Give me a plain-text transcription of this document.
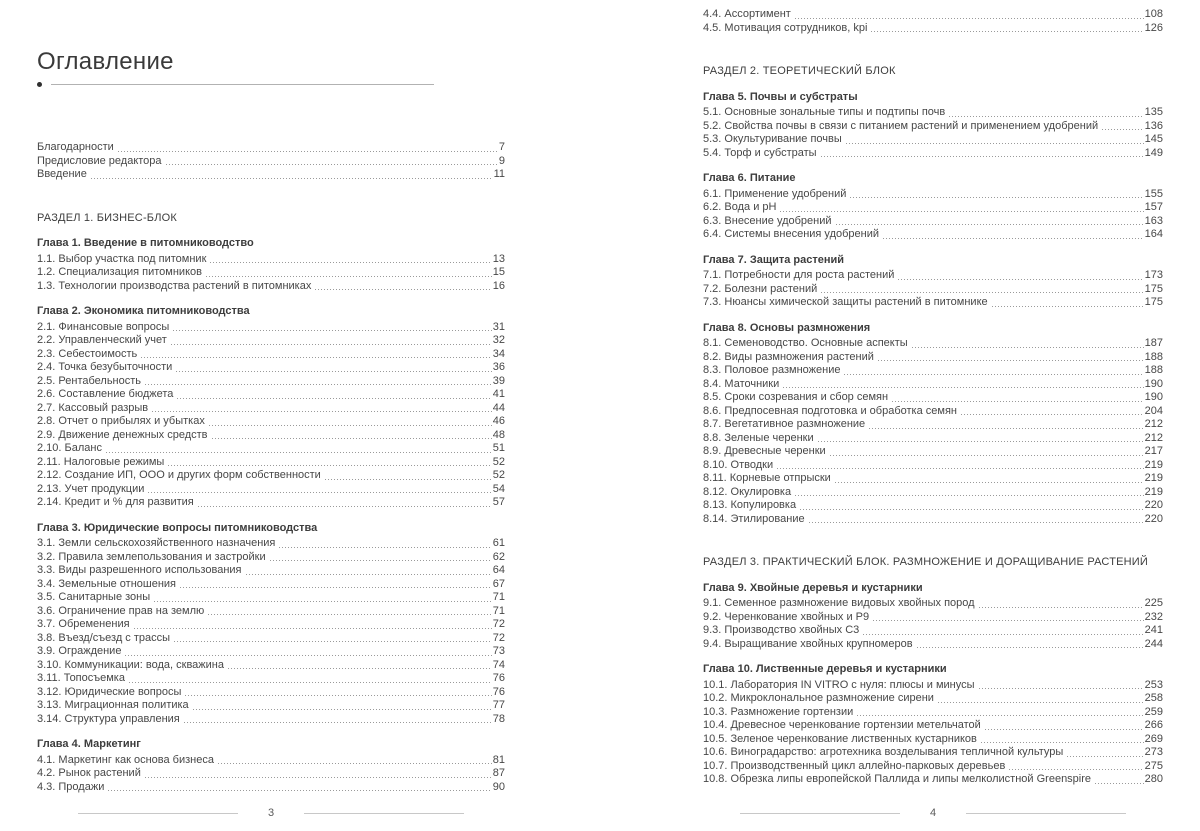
Оглавление
Благодарности	7
Предисловие редактора	9
Введение	11
РАЗДЕЛ 1. БИЗНЕС-БЛОК
Глава 1. Введение в питомниководство
1.1. Выбор участка под питомник	13
1.2. Специализация питомников	15
1.3. Технологии производства растений в питомниках	16
Глава 2. Экономика питомниководства
2.1. Финансовые вопросы	31
2.2. Управленческий учет	32
2.3. Себестоимость	34
2.4. Точка безубыточности	36
2.5. Рентабельность	39
2.6. Составление бюджета	41
2.7. Кассовый разрыв	44
2.8. Отчет о прибылях и убытках	46
2.9. Движение денежных средств	48
2.10. Баланс	51
2.11. Налоговые режимы	52
2.12. Создание ИП, ООО и других форм собственности	52
2.13. Учет продукции	54
2.14. Кредит и % для развития	57
Глава 3. Юридические вопросы питомниководства
3.1. Земли сельскохозяйственного назначения	61
3.2. Правила землепользования и застройки	62
3.3. Виды разрешенного использования	64
3.4. Земельные отношения	67
3.5. Санитарные зоны	71
3.6. Ограничение прав на землю	71
3.7. Обременения	72
3.8. Въезд/съезд с трассы	72
3.9. Ограждение	73
3.10. Коммуникации: вода, скважина	74
3.11. Топосъемка	76
3.12. Юридические вопросы	76
3.13. Миграционная политика	77
3.14. Структура управления	78
Глава 4. Маркетинг
4.1. Маркетинг как основа бизнеса	81
4.2. Рынок растений	87
4.3. Продажи	90
3
4.4. Ассортимент	108
4.5. Мотивация сотрудников, kpi	126
РАЗДЕЛ 2. ТЕОРЕТИЧЕСКИЙ БЛОК
Глава 5. Почвы и субстраты
5.1. Основные зональные типы и подтипы почв	135
5.2. Свойства почвы в связи с питанием растений и применением удобрений	136
5.3. Окультуривание почвы	145
5.4. Торф и субстраты	149
Глава 6. Питание
6.1. Применение удобрений	155
6.2. Вода и pH	157
6.3. Внесение удобрений	163
6.4. Системы внесения удобрений	164
Глава 7. Защита растений
7.1. Потребности для роста растений	173
7.2. Болезни растений	175
7.3. Нюансы химической защиты растений в питомнике	175
Глава 8. Основы размножения
8.1. Семеноводство. Основные аспекты	187
8.2. Виды размножения растений	188
8.3. Половое размножение	188
8.4. Маточники	190
8.5. Сроки созревания и сбор семян	190
8.6. Предпосевная подготовка и обработка семян	204
8.7. Вегетативное размножение	212
8.8. Зеленые черенки	212
8.9. Древесные черенки	217
8.10. Отводки	219
8.11. Корневые отпрыски	219
8.12. Окулировка	219
8.13. Копулировка	220
8.14. Этилирование	220
РАЗДЕЛ 3. ПРАКТИЧЕСКИЙ БЛОК. РАЗМНОЖЕНИЕ И ДОРАЩИВАНИЕ РАСТЕНИЙ
Глава 9. Хвойные деревья и кустарники
9.1. Семенное размножение видовых хвойных пород	225
9.2. Черенкование хвойных и P9	232
9.3. Производство хвойных С3	241
9.4. Выращивание хвойных крупномеров	244
Глава 10. Лиственные деревья и кустарники
10.1. Лаборатория IN VITRO с нуля: плюсы и минусы	253
10.2. Микроклональное размножение сирени	258
10.3. Размножение гортензии	259
10.4. Древесное черенкование гортензии метельчатой	266
10.5. Зеленое черенкование лиственных кустарников	269
10.6. Виноградарство: агротехника возделывания тепличной культуры	273
10.7. Производственный цикл аллейно-парковых деревьев	275
10.8. Обрезка липы европейской Паллида и липы мелколистной Greenspire	280
4
